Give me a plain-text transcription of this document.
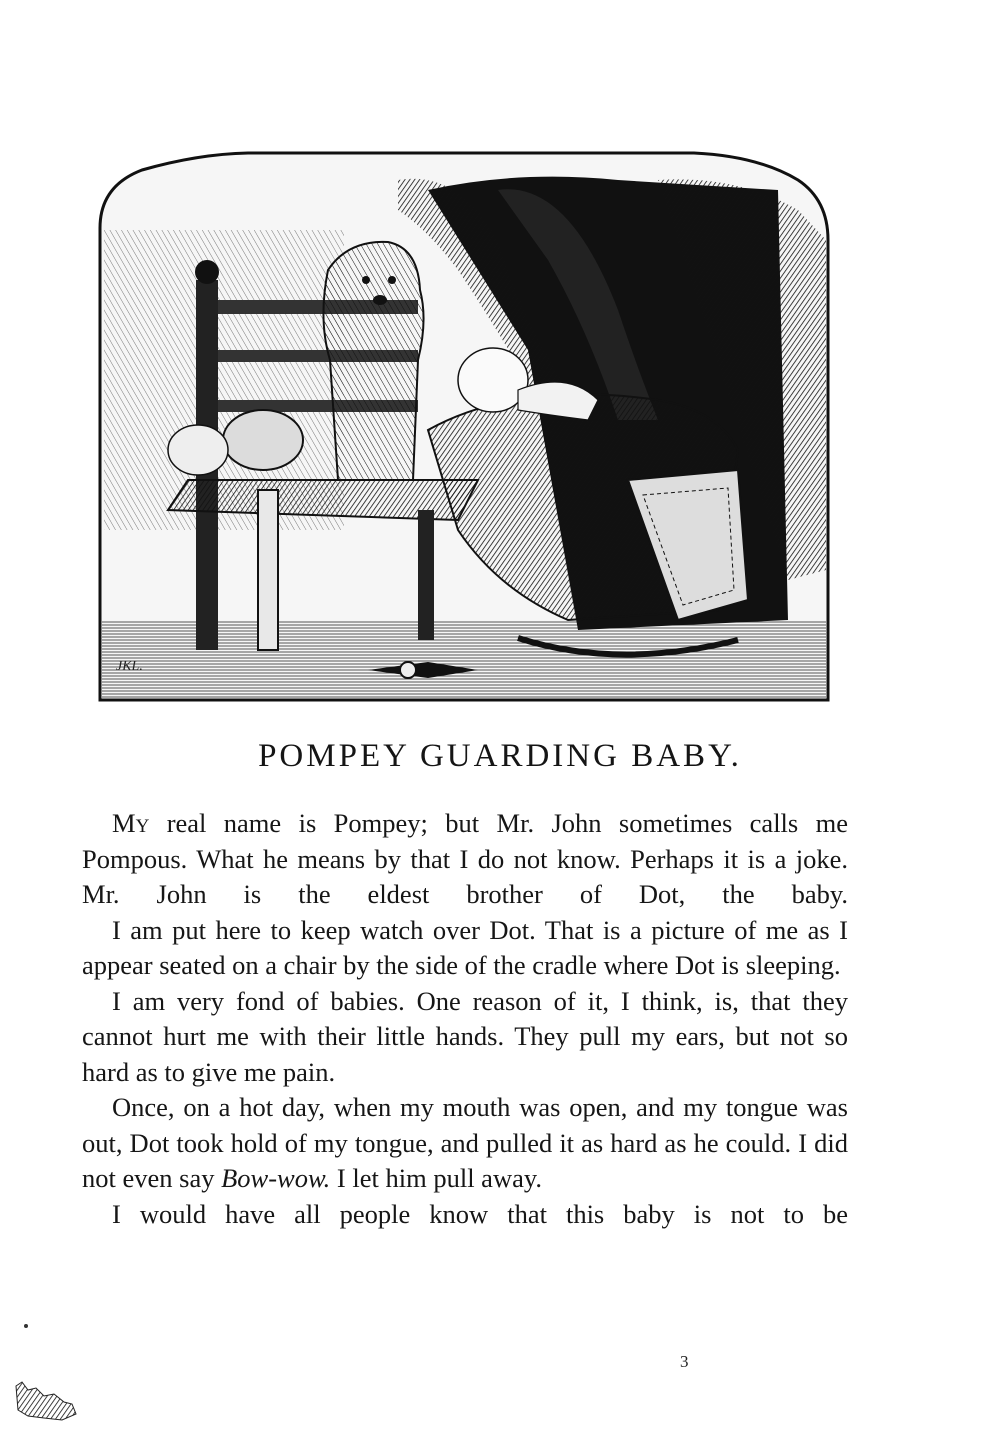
JKL.
POMPEY GUARDING BABY.

My real name is Pompey; but Mr. John sometimes calls me Pompous. What he means by that I do not know. Perhaps it is a joke. Mr. John is the eldest brother of Dot, the baby.

I am put here to keep watch over Dot. That is a picture of me as I appear seated on a chair by the side of the cradle where Dot is sleeping.

I am very fond of babies. One reason of it, I think, is, that they cannot hurt me with their little hands. They pull my ears, but not so hard as to give me pain.

Once, on a hot day, when my mouth was open, and my tongue was out, Dot took hold of my tongue, and pulled it as hard as he could. I did not even say Bow-wow. I let him pull away.

I would have all people know that this baby is not to be

3
